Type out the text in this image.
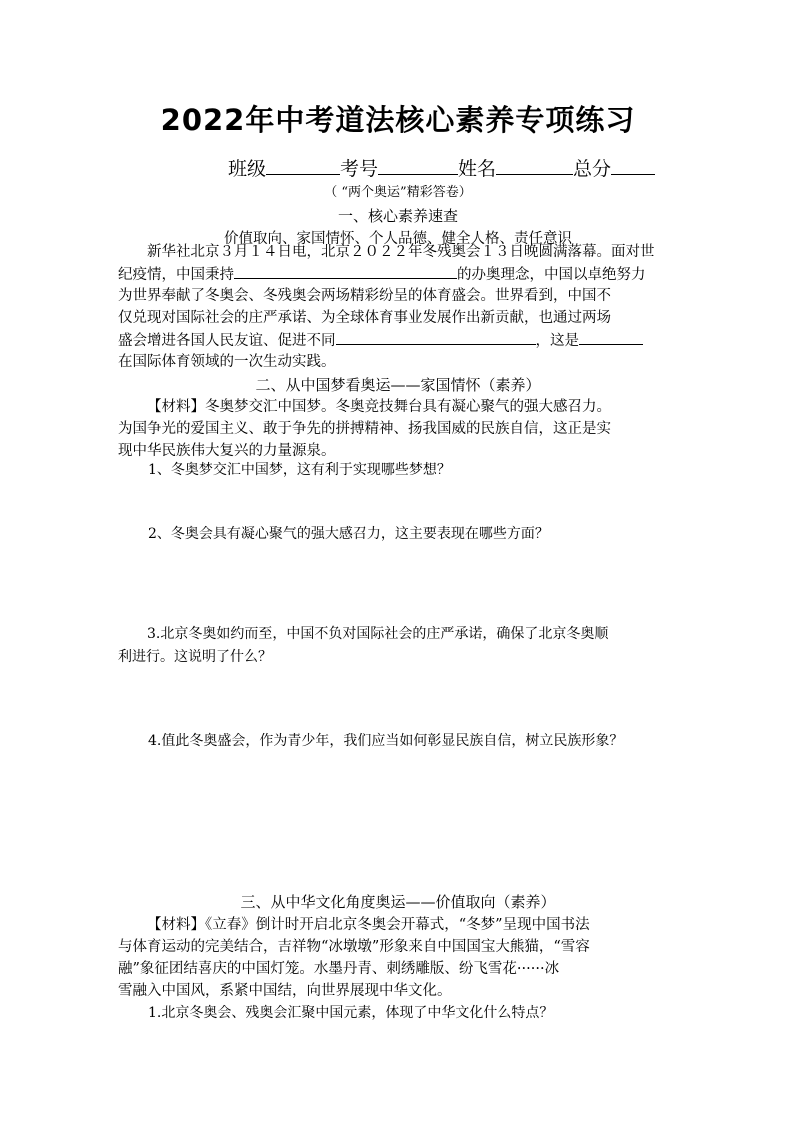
2022年中考道法核心素养专项练习
班级	考号	姓名	总分
（ “两个奥运”精彩答卷）
一、核心素养速查
价值取向、家国情怀、个人品德、健全人格、责任意识
新华社北京３月１４日电，北京２０２２年冬残奥会１３日晚圆满落幕。面对世
纪疫情，中国秉持	的办奥理念，中国以卓绝努力
为世界奉献了冬奥会、冬残奥会两场精彩纷呈的体育盛会。世界看到，中国不
仅兑现对国际社会的庄严承诺、为全球体育事业发展作出新贡献，也通过两场
盛会增进各国人民友谊、促进不同	，这是
在国际体育领域的一次生动实践。
二、从中国梦看奥运——家国情怀（素养）
【材料】冬奥梦交汇中国梦。冬奥竞技舞台具有凝心聚气的强大感召力。
为国争光的爱国主义、敢于争先的拼搏精神、扬我国威的民族自信，这正是实
现中华民族伟大复兴的力量源泉。
1、冬奥梦交汇中国梦，这有利于实现哪些梦想？
2、冬奥会具有凝心聚气的强大感召力，这主要表现在哪些方面？
3.北京冬奥如约而至，中国不负对国际社会的庄严承诺，确保了北京冬奥顺
利进行。这说明了什么？
4.值此冬奥盛会，作为青少年，我们应当如何彰显民族自信，树立民族形象？
三、从中华文化角度奥运——价值取向（素养）
【材料】《立春》倒计时开启北京冬奥会开幕式，“冬梦”呈现中国书法
与体育运动的完美结合，吉祥物“冰墩墩”形象来自中国国宝大熊猫，“雪容
融”象征团结喜庆的中国灯笼。水墨丹青、刺绣雕版、纷飞雪花······冰
雪融入中国风，系紧中国结，向世界展现中华文化。
1.北京冬奥会、残奥会汇聚中国元素，体现了中华文化什么特点？
